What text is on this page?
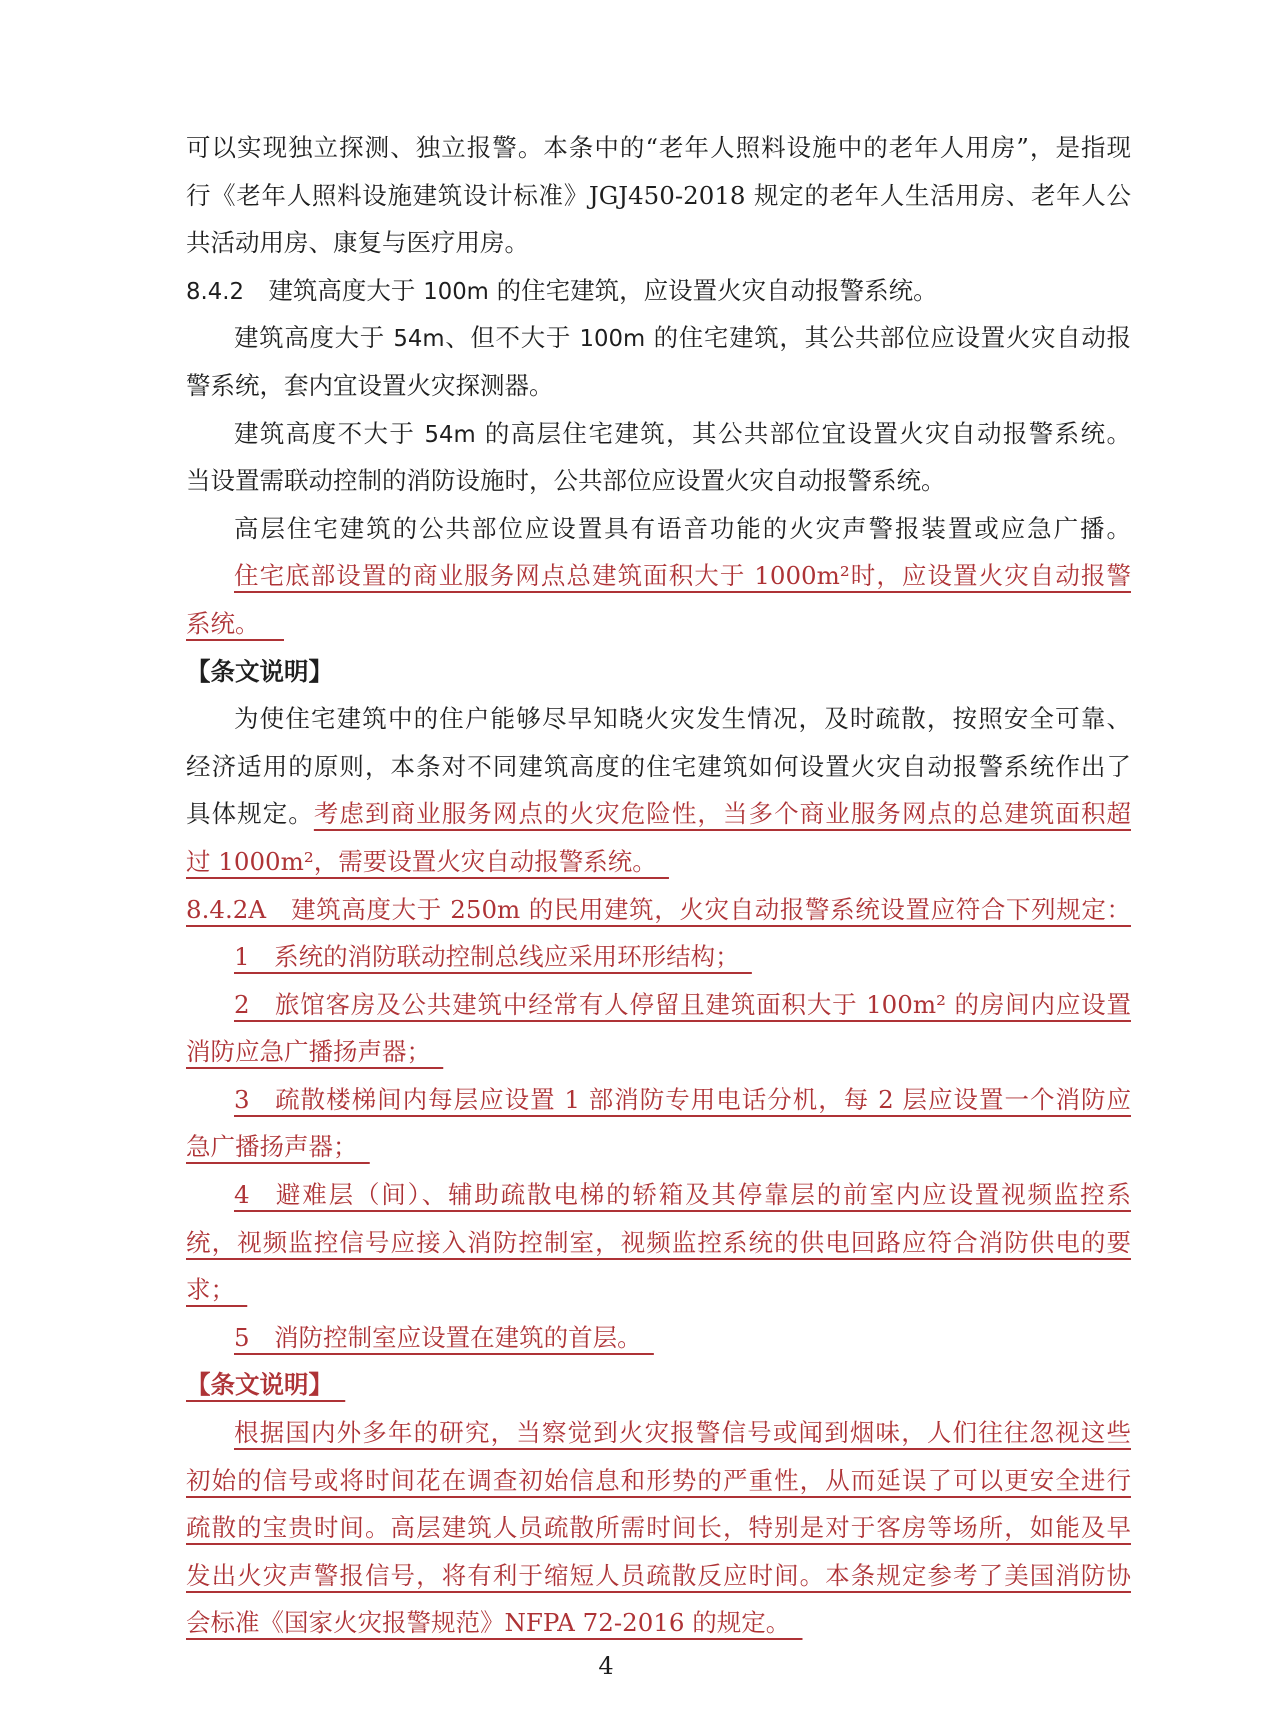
可以实现独立探测、独立报警。本条中的“老年人照料设施中的老年人用房”，是指现
行《老年人照料设施建筑设计标准》JGJ450-2018 规定的老年人生活用房、老年人公
共活动用房、康复与医疗用房。
8.4.2  建筑高度大于 100m 的住宅建筑，应设置火灾自动报警系统。
建筑高度大于 54m、但不大于 100m 的住宅建筑，其公共部位应设置火灾自动报
警系统，套内宜设置火灾探测器。
建筑高度不大于 54m 的高层住宅建筑，其公共部位宜设置火灾自动报警系统。
当设置需联动控制的消防设施时，公共部位应设置火灾自动报警系统。
高层住宅建筑的公共部位应设置具有语音功能的火灾声警报装置或应急广播。
住宅底部设置的商业服务网点总建筑面积大于 1000m²时，应设置火灾自动报警
系统。 
【条文说明】
为使住宅建筑中的住户能够尽早知晓火灾发生情况，及时疏散，按照安全可靠、
经济适用的原则，本条对不同建筑高度的住宅建筑如何设置火灾自动报警系统作出了
具体规定。考虑到商业服务网点的火灾危险性，当多个商业服务网点的总建筑面积超
过 1000m²，需要设置火灾自动报警系统。 
8.4.2A  建筑高度大于 250m 的民用建筑，火灾自动报警系统设置应符合下列规定：
1 系统的消防联动控制总线应采用环形结构； 
2 旅馆客房及公共建筑中经常有人停留且建筑面积大于 100m² 的房间内应设置
消防应急广播扬声器； 
3 疏散楼梯间内每层应设置 1 部消防专用电话分机，每 2 层应设置一个消防应
急广播扬声器； 
4 避难层（间）、辅助疏散电梯的轿箱及其停靠层的前室内应设置视频监控系
统，视频监控信号应接入消防控制室，视频监控系统的供电回路应符合消防供电的要
求； 
5 消防控制室应设置在建筑的首层。 
【条文说明】 
根据国内外多年的研究，当察觉到火灾报警信号或闻到烟味，人们往往忽视这些
初始的信号或将时间花在调查初始信息和形势的严重性，从而延误了可以更安全进行
疏散的宝贵时间。高层建筑人员疏散所需时间长，特别是对于客房等场所，如能及早
发出火灾声警报信号，将有利于缩短人员疏散反应时间。本条规定参考了美国消防协
会标准《国家火灾报警规范》NFPA 72-2016 的规定。 
4
